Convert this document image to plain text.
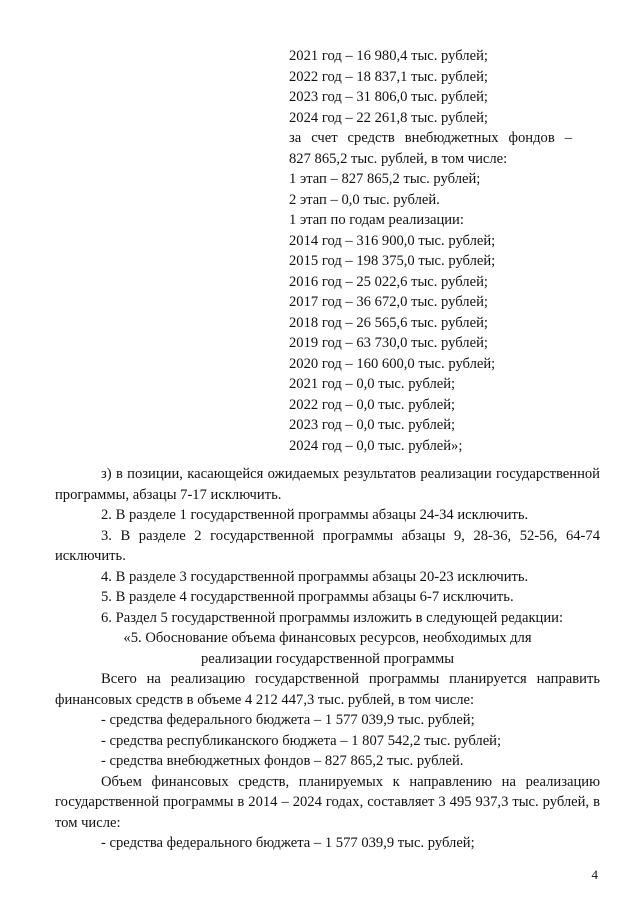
2021 год – 16 980,4 тыс. рублей;
2022 год – 18 837,1 тыс. рублей;
2023 год – 31 806,0 тыс. рублей;
2024 год – 22 261,8 тыс. рублей;
за счет средств внебюджетных фондов –
827 865,2 тыс. рублей, в том числе:
1 этап – 827 865,2 тыс. рублей;
2 этап – 0,0 тыс. рублей.
1 этап по годам реализации:
2014 год – 316 900,0 тыс. рублей;
2015 год – 198 375,0 тыс. рублей;
2016 год – 25 022,6 тыс. рублей;
2017 год – 36 672,0 тыс. рублей;
2018 год – 26 565,6 тыс. рублей;
2019 год – 63 730,0 тыс. рублей;
2020 год – 160 600,0 тыс. рублей;
2021 год – 0,0 тыс. рублей;
2022 год – 0,0 тыс. рублей;
2023 год – 0,0 тыс. рублей;
2024 год – 0,0 тыс. рублей»;

з) в позиции, касающейся ожидаемых результатов реализации государственной программы, абзацы 7-17 исключить.

2. В разделе 1 государственной программы абзацы 24-34 исключить.

3. В разделе 2 государственной программы абзацы 9, 28-36, 52-56, 64-74 исключить.

4. В разделе 3 государственной программы абзацы 20-23 исключить.

5. В разделе 4 государственной программы абзацы 6-7 исключить.

6. Раздел 5 государственной программы изложить в следующей редакции:

«5. Обоснование объема финансовых ресурсов, необходимых для

реализации государственной программы

Всего на реализацию государственной программы планируется направить финансовых средств в объеме 4 212 447,3 тыс. рублей, в том числе:

- средства федерального бюджета – 1 577 039,9 тыс. рублей;

- средства республиканского бюджета – 1 807 542,2 тыс. рублей;

- средства внебюджетных фондов – 827 865,2 тыс. рублей.

Объем финансовых средств, планируемых к направлению на реализацию государственной программы в 2014 – 2024 годах, составляет 3 495 937,3 тыс. рублей, в том числе:

- средства федерального бюджета – 1 577 039,9 тыс. рублей;

4
